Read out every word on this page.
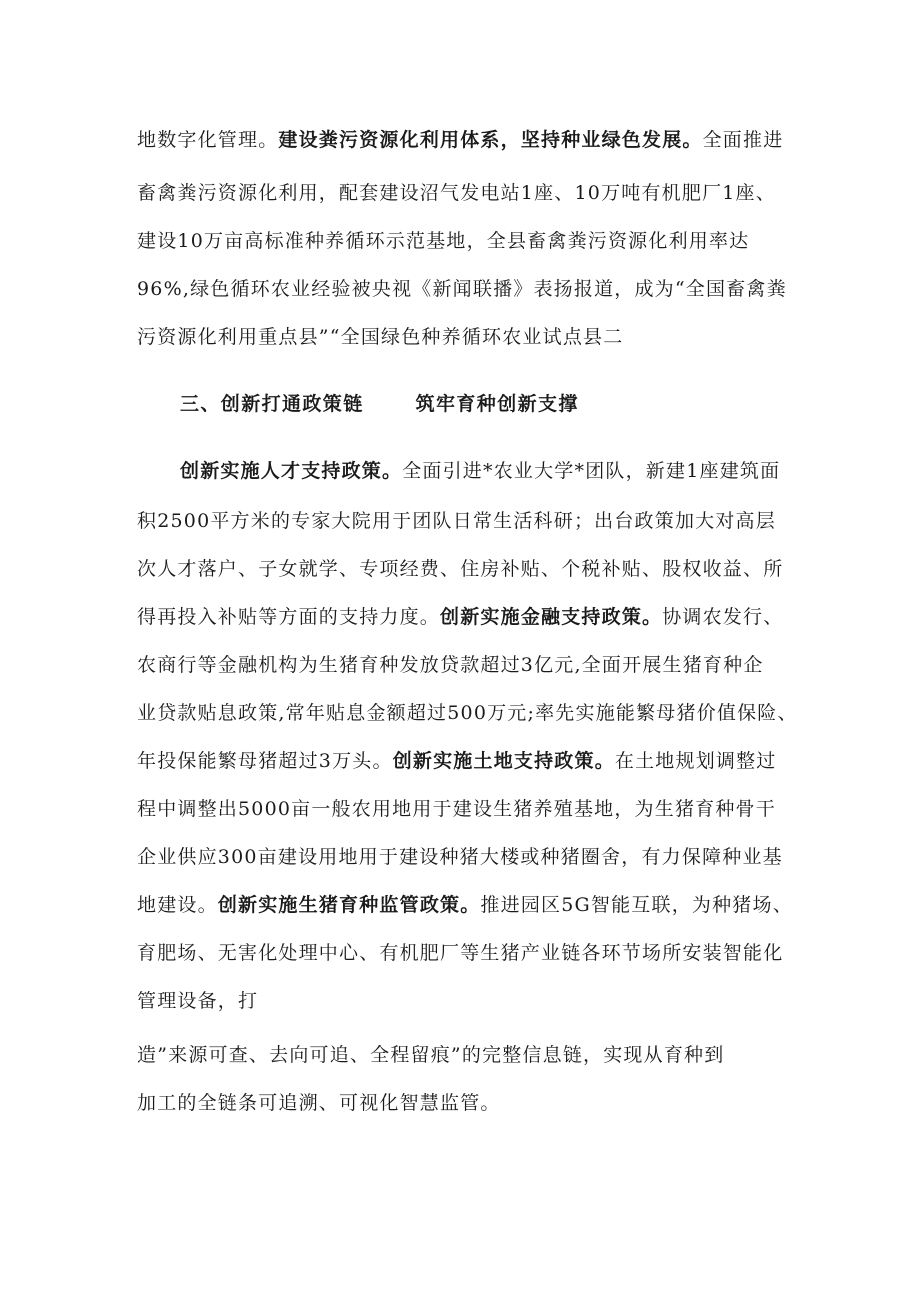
地数字化管理。建设粪污资源化利用体系，坚持种业绿色发展。全面推进
畜禽粪污资源化利用，配套建设沼气发电站1座、10万吨有机肥厂1座、
建设10万亩高标准种养循环示范基地，全县畜禽粪污资源化利用率达
96%,绿色循环农业经验被央视《新闻联播》表扬报道，成为“全国畜禽粪
污资源化利用重点县”“全国绿色种养循环农业试点县二
三、创新打通政策链	筑牢育种创新支撑
创新实施人才支持政策。全面引进*农业大学*团队，新建1座建筑面
积2500平方米的专家大院用于团队日常生活科研；出台政策加大对高层
次人才落户、子女就学、专项经费、住房补贴、个税补贴、股权收益、所
得再投入补贴等方面的支持力度。创新实施金融支持政策。协调农发行、
农商行等金融机构为生猪育种发放贷款超过3亿元,全面开展生猪育种企
业贷款贴息政策,常年贴息金额超过500万元;率先实施能繁母猪价值保险、
年投保能繁母猪超过3万头。创新实施土地支持政策。在土地规划调整过
程中调整出5000亩一般农用地用于建设生猪养殖基地，为生猪育种骨干
企业供应300亩建设用地用于建设种猪大楼或种猪圈舍，有力保障种业基
地建设。创新实施生猪育种监管政策。推进园区5G智能互联，为种猪场、
育肥场、无害化处理中心、有机肥厂等生猪产业链各环节场所安装智能化
管理设备，打
造”来源可查、去向可追、全程留痕”的完整信息链，实现从育种到
加工的全链条可追溯、可视化智慧监管。
